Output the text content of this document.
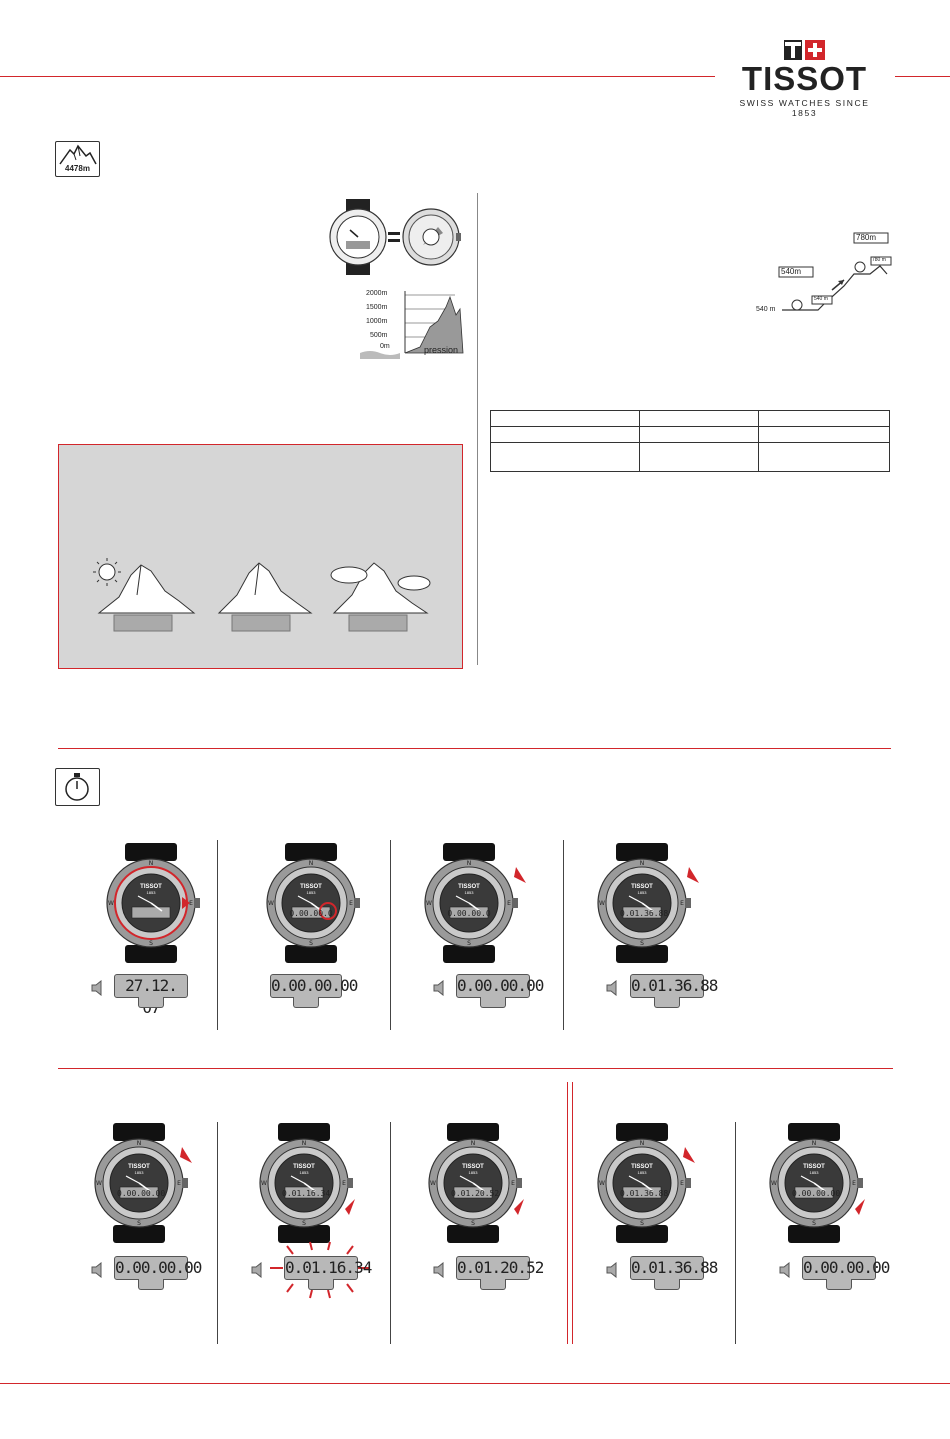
TISSOT
SWISS WATCHES SINCE 1853
4478m
2000m
1500m
1000m
500m
0m	pression
780m
540m
540 m
780 m
540 m

0.00.00.0	0.00.00.0	0.01.36.88
27.12.	0.00.00.00	0.00.00.00	0.01.36.88
0.00.00.00	0.01.16.34	0.01.20.52	0.01.36.88	0.00.00.00
0.00.00.00	0.01.16.34	0.01.20.52	0.01.36.88	0.00.00.00
